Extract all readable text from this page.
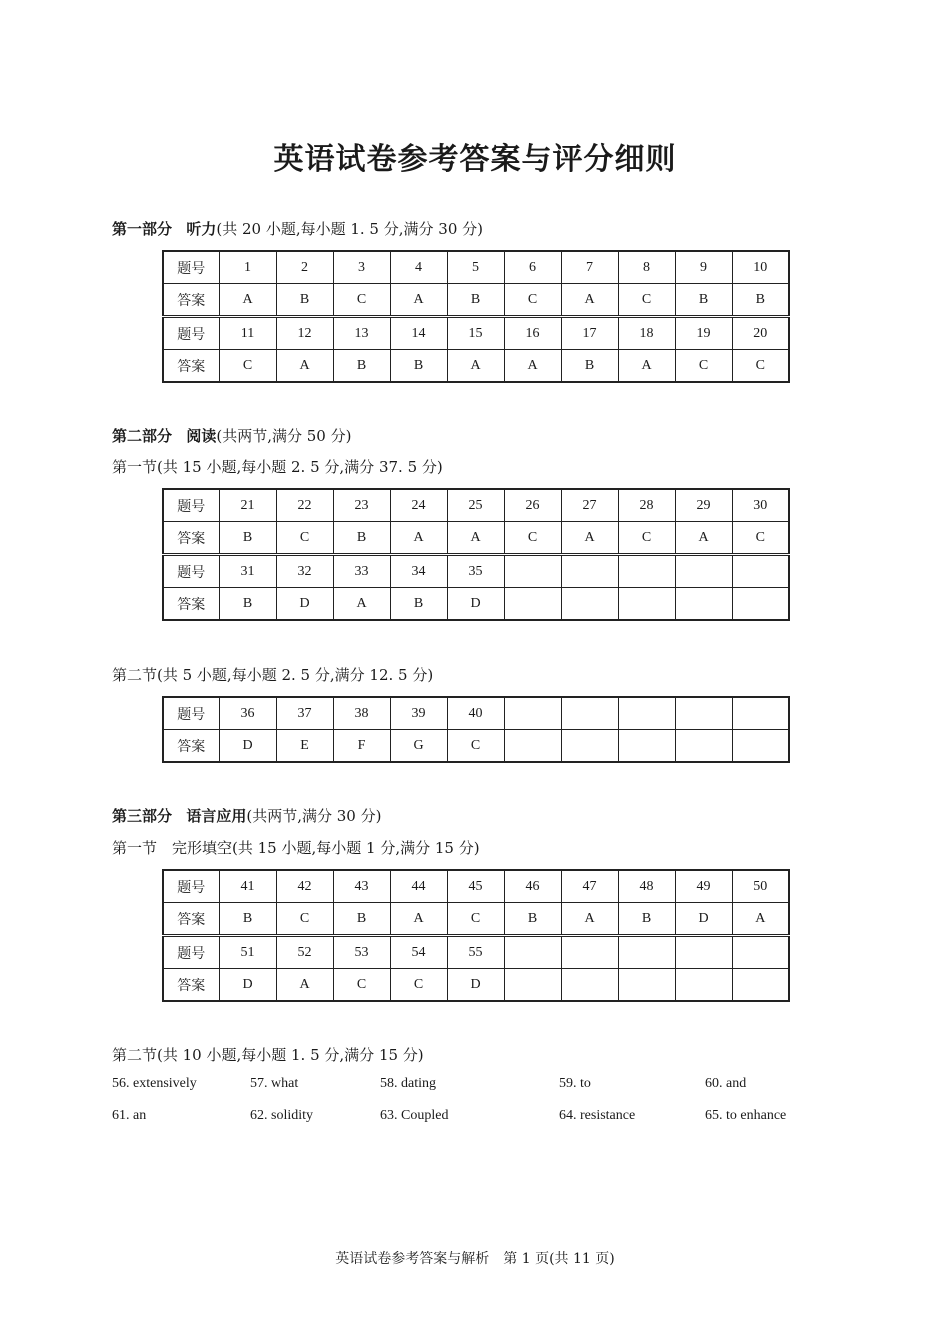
英语试卷参考答案与评分细则
第一部分 听力(共 20 小题,每小题 1. 5 分,满分 30 分)
题号	1	2	3	4	5	6	7	8	9	10
答案	A	B	C	A	B	C	A	C	B	B
题号	11	12	13	14	15	16	17	18	19	20
答案	C	A	B	B	A	A	B	A	C	C
第二部分 阅读(共两节,满分 50 分)
第一节(共 15 小题,每小题 2. 5 分,满分 37. 5 分)
题号	21	22	23	24	25	26	27	28	29	30
答案	B	C	B	A	A	C	A	C	A	C
题号	31	32	33	34	35					
答案	B	D	A	B	D					
第二节(共 5 小题,每小题 2. 5 分,满分 12. 5 分)
题号	36	37	38	39	40					
答案	D	E	F	G	C					
第三部分 语言应用(共两节,满分 30 分)
第一节　完形填空(共 15 小题,每小题 1 分,满分 15 分)
题号	41	42	43	44	45	46	47	48	49	50
答案	B	C	B	A	C	B	A	B	D	A
题号	51	52	53	54	55					
答案	D	A	C	C	D					
第二节(共 10 小题,每小题 1. 5 分,满分 15 分)
56. extensively	57. what	58. dating	59. to	60. and
61. an	62. solidity	63. Coupled	64. resistance	65. to enhance
英语试卷参考答案与解析　第 1 页(共 11 页)
